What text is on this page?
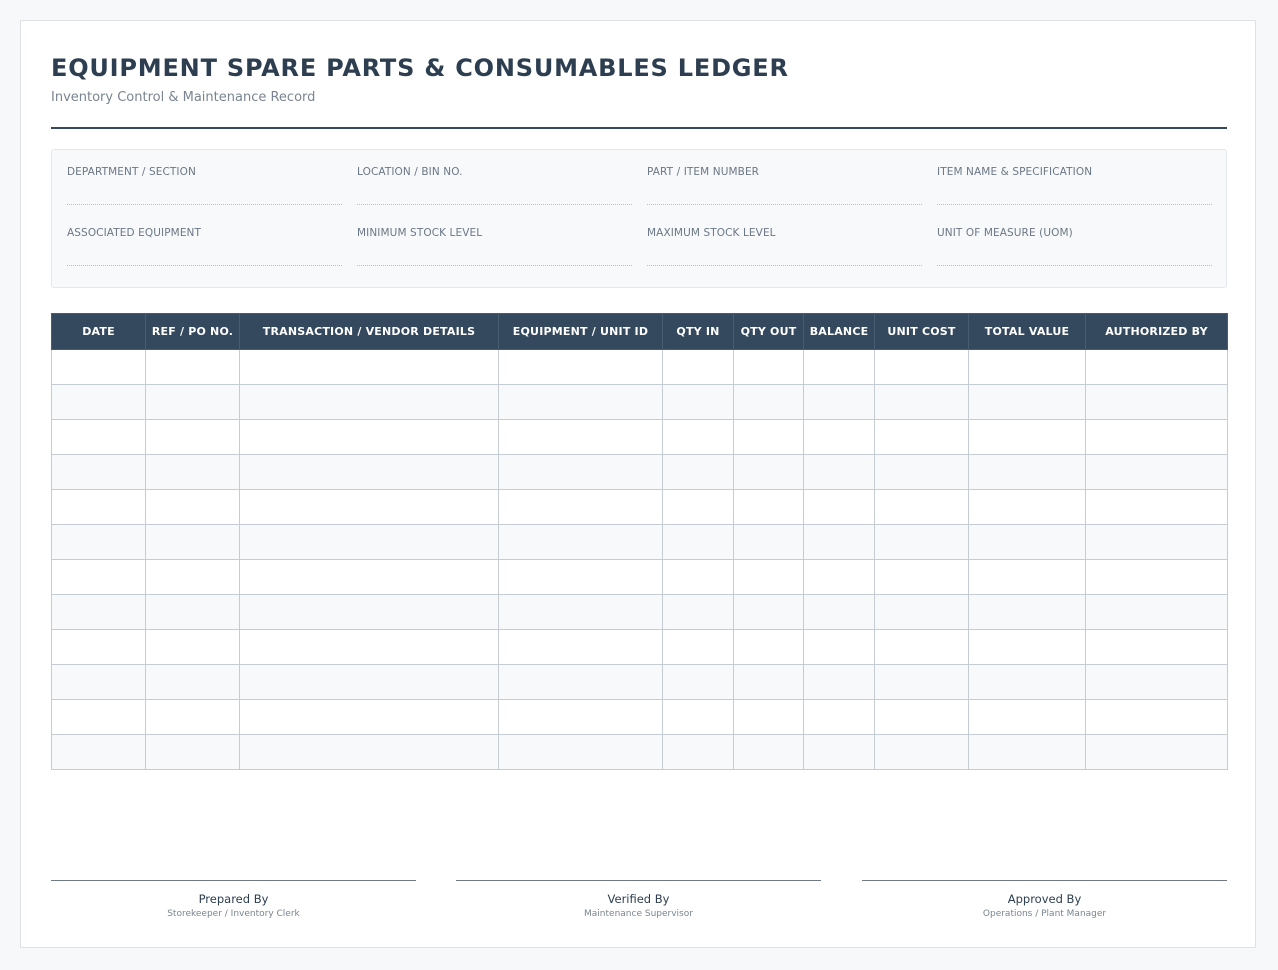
EQUIPMENT SPARE PARTS & CONSUMABLES LEDGER
Inventory Control & Maintenance Record
DEPARTMENT / SECTION	LOCATION / BIN NO.	PART / ITEM NUMBER	ITEM NAME & SPECIFICATION
ASSOCIATED EQUIPMENT	MINIMUM STOCK LEVEL	MAXIMUM STOCK LEVEL	UNIT OF MEASURE (UOM)
DATE	REF / PO NO.	TRANSACTION / VENDOR DETAILS	EQUIPMENT / UNIT ID	QTY IN	QTY OUT	BALANCE	UNIT COST	TOTAL VALUE	AUTHORIZED BY

Prepared By
Storekeeper / Inventory Clerk
Verified By
Maintenance Supervisor
Approved By
Operations / Plant Manager
